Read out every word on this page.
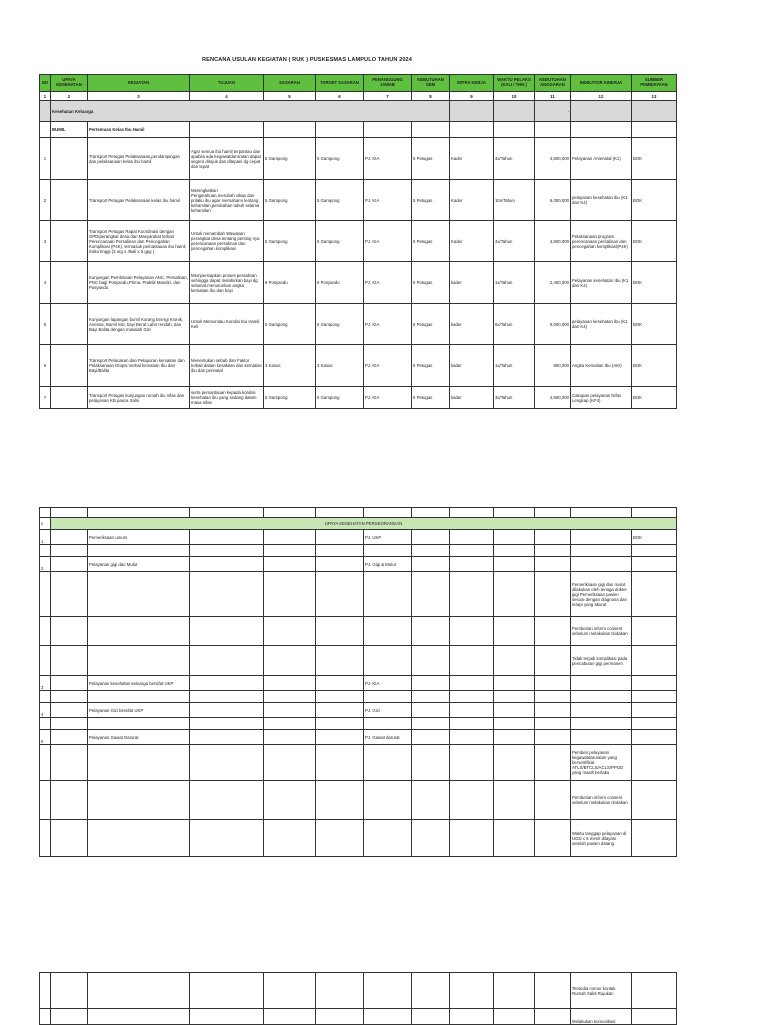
RENCANA USULAN KEGIATAN ( RUK ) PUSKESMAS LAMPULO TAHUN 2024
NO	UPAYA KESEHATAN	KEGIATAN	TUJUAN	SASARAN	TARGET SASARAN	PENANGGUNG JAWAB	KEBUTUHAN SDM	MITRA KERJA	WAKTU PELAKS (KALI / THN )	KEBUTUHAN ANGGARAN	INDIKATOR KINERJA	SUMBER PEMBIAYAAN
1	2	3	4	5	6	7	8	9	10	11	12	13
	Kesehatan Keluarga									-		
	BUMIL	Pertemuan Kelas Ibu Hamil										
1		Transport Petugas Pelaksanaan,pendampingan dan pelaksanaan kelas ibu hamil	Agar semua ibu hamil terpantau dan apabila ada kegawatdaruratan dapat segera ditujuk dan ditepani dg cepat dan tepat	5 Gampong	5 Gampong	PJ. KIA	5 Petugas	Kader	3x/Tahun	4,500,000	Pelayanan Antenatal (K1)	BOK
2		Transport Petugas Pelaksanaan kelas ibu hamil	Meningkatkan Pengetahuan,merubah sikap dan prilaku ibu agar memahami tentang kehamilan,perubahan tubuh selama kehamilan	5 Gampong	5 Gampong	PJ. KIA	5 Petugas	Kader	10x/Tahun	6,000,000	pelayanan kesehatan ibu (K1 dan K4)	BOK
3		Transport Petugas Rapat Koordinasi dengan OPD/perangkat desa dan Masyarakat terkait Perencanaan Persalinan dan Pencegahan Komplikasi (P4K), termasuk pemantauan ibu hamil risiko tinggi (3 org x 3kali x 5 gpg )	Untuk menambah Wawasan perangkat desa tentang penting nya perencanaan persalinan dan pencegahan komplikasi	5 Gampong	5 Gampong	PJ. KIA	5 Petugas	Kader	3x/Tahun	4,500,000	Pelaksanaan program perencanaan persalinan dan pencegahan komplikasi(P4K)	BOK
4		Kunjungan Pembinaan Pelayanan ANC, Persalinan, PNC bagi Posyandu,Prima, Praktik Mandiri, dan Posyandu	Mempersiapkan proses persalinan sehingga dapat melahirkan bayi dg selamat,menurunkan angka kematian ibu dan bayi	8 Posyandu	8 Posyandu	PJ. KIA	5 Petugas	kader	1x/Tahun	2,400,000	Pelayanan kesehatan Ibu (K1 dan K4)	BOK
5		Kunjungan lapangan bumil Kurang Energi Kronik, Anemia, Bumil risti, bayi Berat Lahir rendah, dan Bayi Balita dengan masalah Gizi	Untuk Memonitau Kondisi Ibu Hamil Kek	5 Gampong	5 Gampong	PJ. KIA	5 Petugas	kader	6x/Tahun	9,000,000	pelayanan kesehatan ibu (K1 dan K4)	BOK
6		Transport Pelacakan dan Pelaporan kematian dan Pelaksanaan Otopsi Verbal kematian Ibu dan Bayi/Balita	Menentukan sebab dan Faktor terkait dalam kesakitan dan kematian ibu dan perinatal	3 Kasus	3 Kasus	PJ. KIA	5 Petugas	kader	1x/Tahun	900,000	Angka Kematian Ibu (AKI)	BOK
7		Transport Petugas kunjungan rumah ibu nifas dan pelayanan KB pasca Salin	serta pemantauan kepada kondisi kesehatan ibu yang sedang dalam masa nifas	5 Gampong	5 Gampong	PJ. KIA	5 Petugas	kader	3x/Tahun	4,500,000	Cakupan pelayanan Nifas Lengkap (KF4)	BOK

II	UPAYA KESEHATAN PERSEORANGAN											
1		Pemeriksaan umum				PJ. UKP						BOK

2		Pelayanan gigi dan Mulut				PJ. Gigi & Mulut						
											Pemeriksaan gigi dan mulut dilakukan oleh tenaga dokter gigi Pemeriksaan pasien sesuai dengan diagnosa dan terapi yang akurat	
											Pemberian inform consent sebelum melakukan tindakan	
											Tidak terjadi komplikasi pada pencabutan gigi permanen	
3		Pelayanan kesehatan keluarga bersifat UKP				PJ. KIA						

4		Pelayanan Gizi bersifat UKP				PJ. Gizi						

5		Pelayanan Gawat Darurat				PJ. Gawat darurat						
											Pemberi pelayanan kegawatdaruratan yang bersertifikat ATLS/BTCLS/ACLS/PPGD yang masih berlaku	
											Pemberian inform consent sebelum melakukan tindakan	
											Waktu tanggap pelayanan di UGD ≤ 5 menit dilayani setelah pasien datang	
											Tersedia nomor kontak Rumah Sakit Rujukan	
											Melakukan komunikasi	
